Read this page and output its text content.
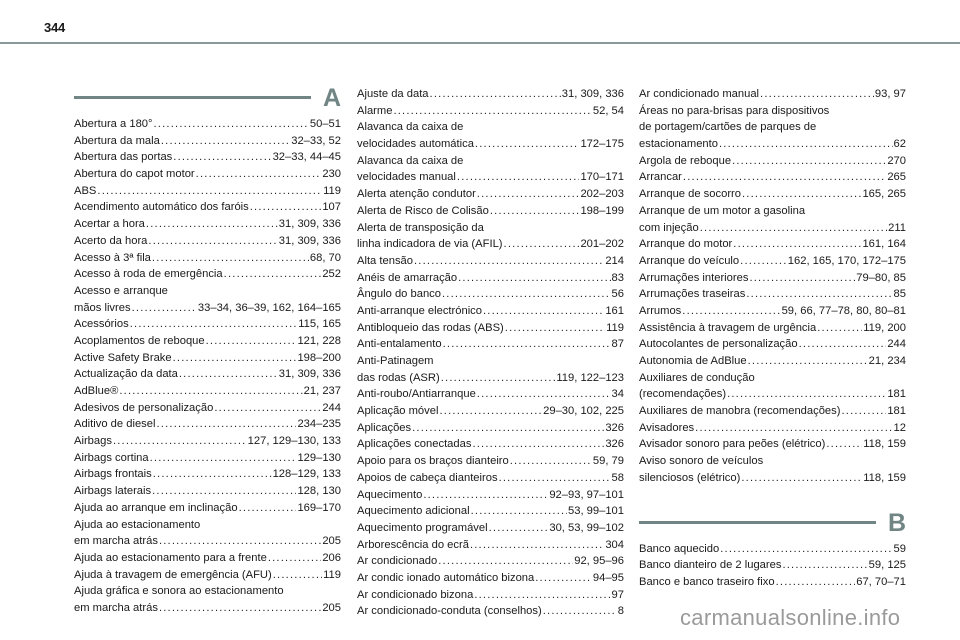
344
A
Abertura a 180° .....	50–51
Abertura da mala .....	32–33, 52
Abertura das portas .....	32–33, 44–45
Abertura do capot motor .....	230
ABS .....	119
Acendimento automático dos faróis .....	107
Acertar a hora .....	31, 309, 336
Acerto da hora .....	31, 309, 336
Acesso à 3ª fila .....	68, 70
Acesso à roda de emergência .....	252
Acesso e arranque
mãos livres .....	33–34, 36–39, 162, 164–165
Acessórios .....	115, 165
Acoplamentos de reboque .....	121, 228
Active Safety Brake .....	198–200
Actualização da data .....	31, 309, 336
AdBlue® .....	21, 237
Adesivos de personalização .....	244
Aditivo de diesel .....	234–235
Airbags .....	127, 129–130, 133
Airbags cortina .....	129–130
Airbags frontais .....	128–129, 133
Airbags laterais .....	128, 130
Ajuda ao arranque em inclinação .....	169–170
Ajuda ao estacionamento
em marcha atrás .....	205
Ajuda ao estacionamento para a frente .....	206
Ajuda à travagem de emergência (AFU) .....	119
Ajuda gráfica e sonora ao estacionamento
em marcha atrás .....	205
Ajuste da data .....	31, 309, 336
Alarme .....	52, 54
Alavanca da caixa de
velocidades automática .....	172–175
Alavanca da caixa de
velocidades manual .....	170–171
Alerta atenção condutor .....	202–203
Alerta de Risco de Colisão .....	198–199
Alerta de transposição da
linha indicadora de via (AFIL) .....	201–202
Alta tensão .....	214
Anéis de amarração .....	83
Ângulo do banco .....	56
Anti-arranque electrónico .....	161
Antibloqueio das rodas (ABS) .....	119
Anti-entalamento .....	87
Anti-Patinagem
das rodas (ASR) .....	119, 122–123
Anti-roubo/Antiarranque .....	34
Aplicação móvel .....	29–30, 102, 225
Aplicações .....	326
Aplicações conectadas .....	326
Apoio para os braços dianteiro .....	59, 79
Apoios de cabeça dianteiros .....	58
Aquecimento .....	92–93, 97–101
Aquecimento adicional .....	53, 99–101
Aquecimento programável .....	30, 53, 99–102
Arborescência do ecrã .....	304
Ar condicionado .....	92, 95–96
Ar condic ionado automático bizona .....	94–95
Ar condicionado bizona .....	97
Ar condicionado-conduta (conselhos) .....	8
Ar condicionado manual .....	93, 97
Áreas no para-brisas para dispositivos
de portagem/cartões de parques de
estacionamento .....	62
Argola de reboque .....	270
Arrancar .....	265
Arranque de socorro .....	165, 265
Arranque de um motor a gasolina
com injeção .....	211
Arranque do motor .....	161, 164
Arranque do veículo .....	162, 165, 170, 172–175
Arrumações interiores .....	79–80, 85
Arrumações traseiras .....	85
Arrumos .....	59, 66, 77–78, 80, 80–81
Assistência à travagem de urgência .....	119, 200
Autocolantes de personalização .....	244
Autonomia de AdBlue .....	21, 234
Auxiliares de condução
(recomendações) .....	181
Auxiliares de manobra (recomendações) .....	181
Avisadores .....	12
Avisador sonoro para peões (elétrico) .....	118, 159
Aviso sonoro de veículos
silenciosos (elétrico) .....	118, 159
B
Banco aquecido .....	59
Banco dianteiro de 2 lugares .....	59, 125
Banco e banco traseiro fixo .....	67, 70–71
carmanualsonline.info
